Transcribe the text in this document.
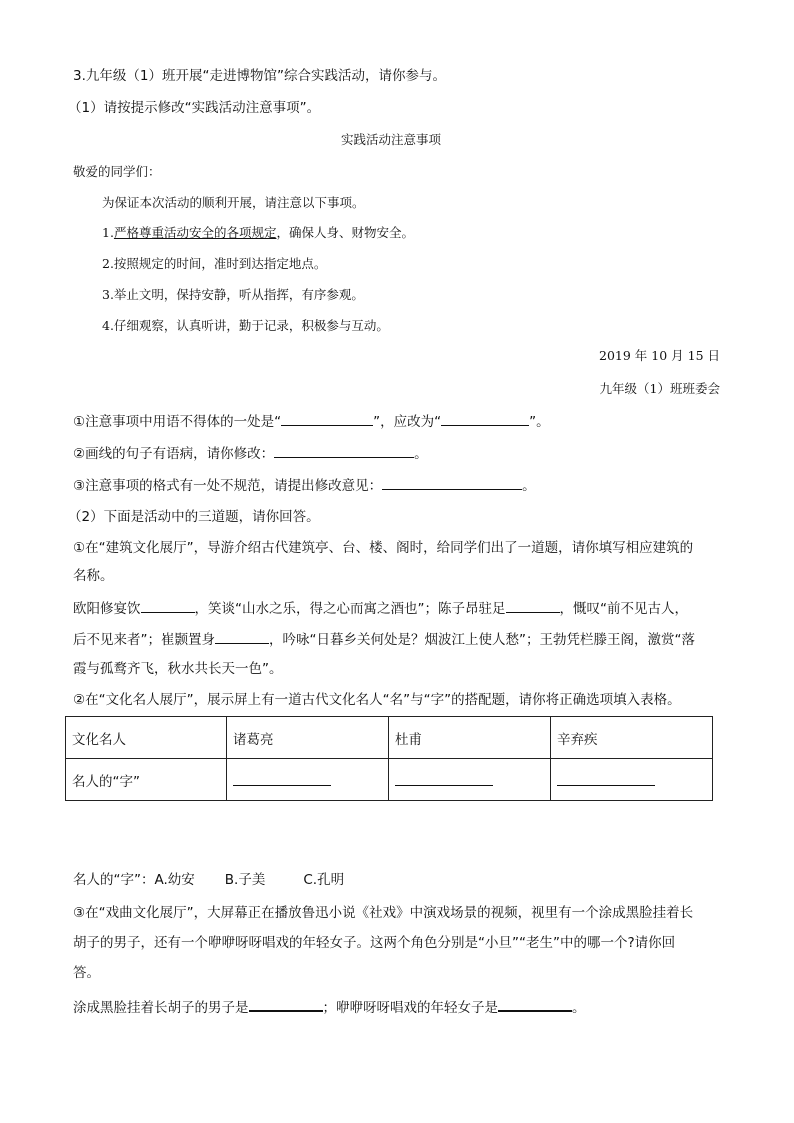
3.九年级（1）班开展“走进博物馆”综合实践活动，请你参与。
（1）请按提示修改“实践活动注意事项”。
实践活动注意事项
敬爱的同学们：
为保证本次活动的顺利开展，请注意以下事项。
1.严格尊重活动安全的各项规定，确保人身、财物安全。
2.按照规定的时间，准时到达指定地点。
3.举止文明，保持安静，听从指挥，有序参观。
4.仔细观察，认真听讲，勤于记录，积极参与互动。
2019 年 10 月 15 日
九年级（1）班班委会
①注意事项中用语不得体的一处是“	”，应改为“	”。
②画线的句子有语病，请你修改：	。
③注意事项的格式有一处不规范，请提出修改意见：	。
（2）下面是活动中的三道题，请你回答。
①在“建筑文化展厅”，导游介绍古代建筑亭、台、楼、阁时，给同学们出了一道题，请你填写相应建筑的
名称。
欧阳修宴饮	，笑谈“山水之乐，得之心而寓之酒也”；陈子昂驻足	，慨叹“前不见古人，
后不见来者”；崔颢置身	，吟咏“日暮乡关何处是？烟波江上使人愁”；王勃凭栏滕王阁，激赏“落
霞与孤鹜齐飞，秋水共长天一色”。
②在“文化名人展厅”，展示屏上有一道古代文化名人“名”与“字”的搭配题，请你将正确选项填入表格。
文化名人	诸葛亮	杜甫	辛弃疾
名人的“字”			
名人的“字”：A.幼安 B.子美	C.孔明
③在“戏曲文化展厅”，大屏幕正在播放鲁迅小说《社戏》中演戏场景的视频，视里有一个涂成黑脸挂着长
胡子的男子，还有一个咿咿呀呀唱戏的年轻女子。这两个角色分别是“小旦”“老生”中的哪一个?请你回
答。
涂成黑脸挂着长胡子的男子是	；咿咿呀呀唱戏的年轻女子是	。
